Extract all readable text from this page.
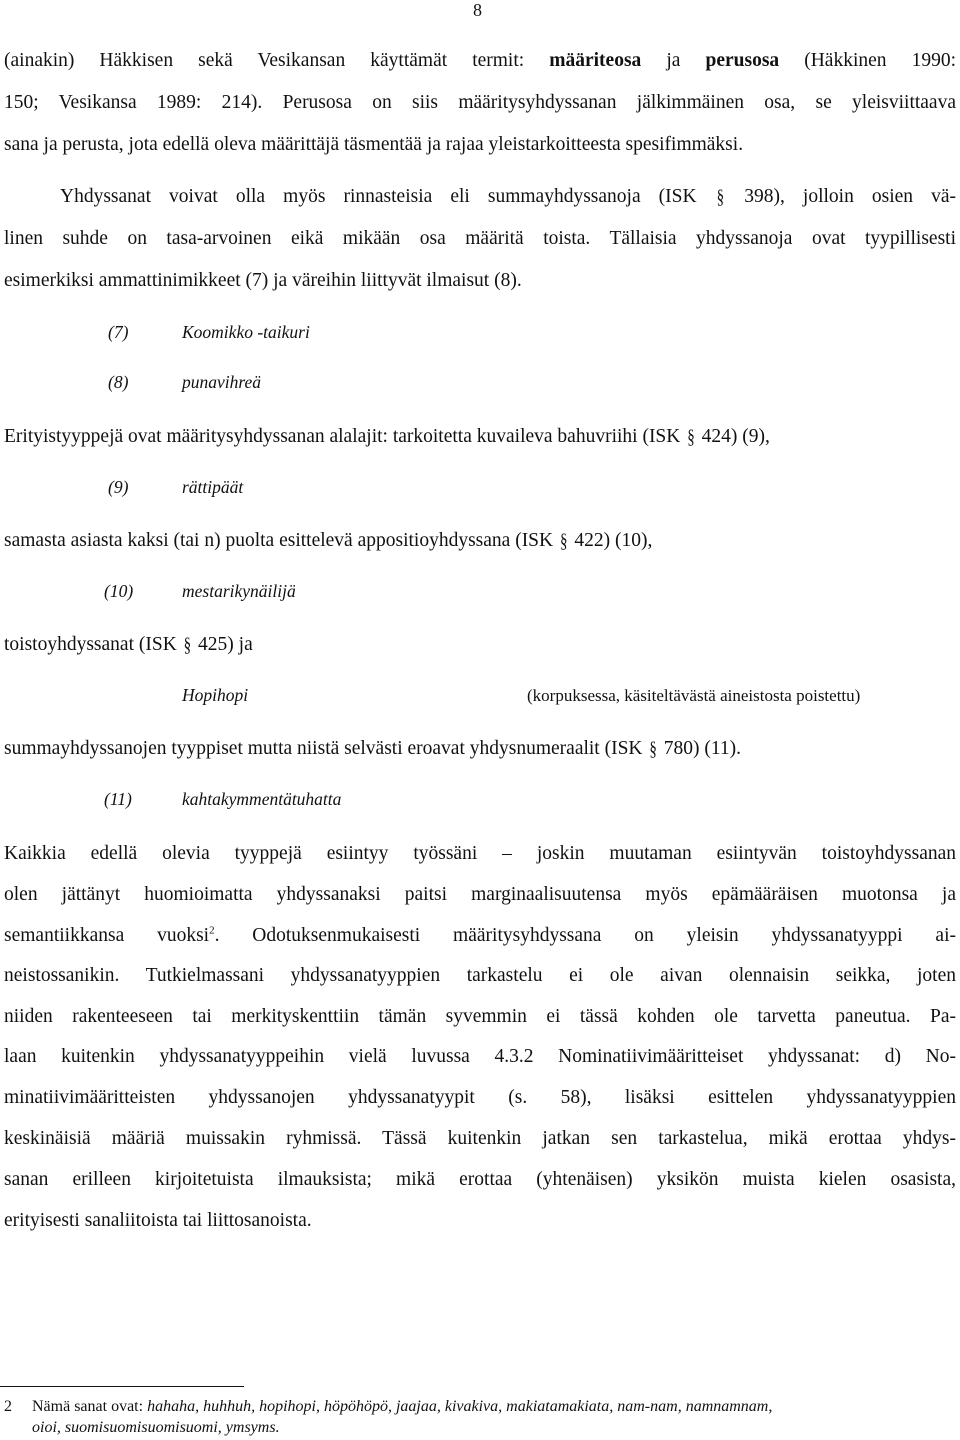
8
(ainakin) Häkkisen sekä Vesikansan käyttämät termit: määriteosa ja perusosa (Häkkinen 1990:
150; Vesikansa 1989: 214). Perusosa on siis määritysyhdyssanan jälkimmäinen osa, se yleisviittaava
sana ja perusta, jota edellä oleva määrittäjä täsmentää ja rajaa yleistarkoitteesta spesifimmäksi.
Yhdyssanat voivat olla myös rinnasteisia eli summayhdyssanoja (ISK § 398), jolloin osien vä-
linen suhde on tasa-arvoinen eikä mikään osa määritä toista. Tällaisia yhdyssanoja ovat tyypillisesti
esimerkiksi ammattinimikkeet (7) ja väreihin liittyvät ilmaisut (8).
(7)	Koomikko -taikuri
(8)	punavihreä
Erityistyyppejä ovat määritysyhdyssanan alalajit: tarkoitetta kuvaileva bahuvriihi (ISK § 424) (9),
(9)	rättipäät
samasta asiasta kaksi (tai n) puolta esittelevä appositioyhdyssana (ISK § 422) (10),
(10)	mestarikynäilijä
toistoyhdyssanat (ISK § 425) ja
Hopihopi	(korpuksessa, käsiteltävästä aineistosta poistettu)
summayhdyssanojen tyyppiset mutta niistä selvästi eroavat yhdysnumeraalit (ISK § 780) (11).
(11)	kahtakymmentätuhatta
Kaikkia edellä olevia tyyppejä esiintyy työssäni – joskin muutaman esiintyvän toistoyhdyssanan
olen jättänyt huomioimatta yhdyssanaksi paitsi marginaalisuutensa myös epämääräisen muotonsa ja
semantiikkansa vuoksi$^2$. Odotuksenmukaisesti määritysyhdyssana on yleisin yhdyssanatyyppi ai-
neistossanikin. Tutkielmassani yhdyssanatyyppien tarkastelu ei ole aivan olennaisin seikka, joten
niiden rakenteeseen tai merkityskenttiin tämän syvemmin ei tässä kohden ole tarvetta paneutua. Pa-
laan kuitenkin yhdyssanatyyppeihin vielä luvussa 4.3.2 Nominatiivimääritteiset yhdyssanat: d) No-
minatiivimääritteisten yhdyssanojen yhdyssanatyypit (s. 58), lisäksi esittelen yhdyssanatyyppien
keskinäisiä määriä muissakin ryhmissä. Tässä kuitenkin jatkan sen tarkastelua, mikä erottaa yhdys-
sanan erilleen kirjoitetuista ilmauksista; mikä erottaa (yhtenäisen) yksikön muista kielen osasista,
erityisesti sanaliitoista tai liittosanoista.
2 Nämä sanat ovat: hahaha, huhhuh, hopihopi, höpöhöpö, jaajaa, kivakiva, makiatamakiata, nam-nam, namnamnam,
oioi, suomisuomisuomisuomi, ymsyms.
